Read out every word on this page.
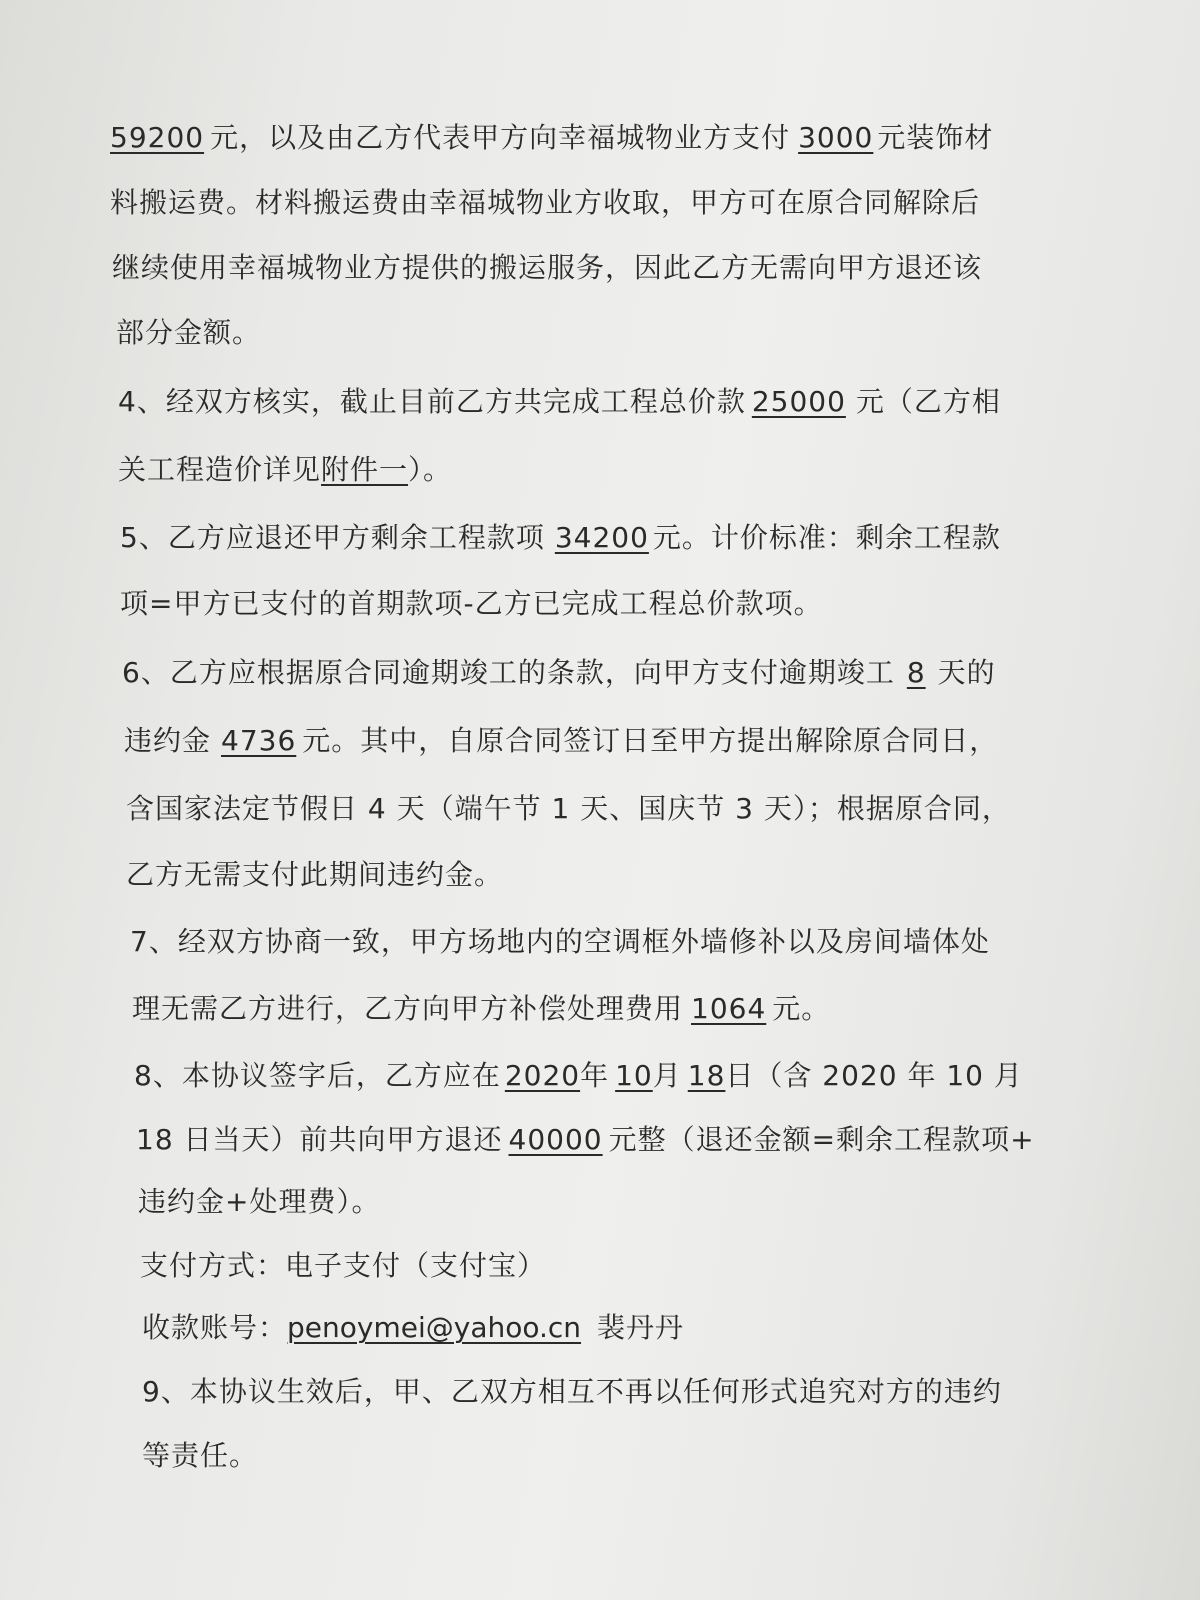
59200 元，以及由乙方代表甲方向幸福城物业方支付 3000 元装饰材
料搬运费。材料搬运费由幸福城物业方收取，甲方可在原合同解除后
继续使用幸福城物业方提供的搬运服务，因此乙方无需向甲方退还该
部分金额。
4、经双方核实，截止目前乙方共完成工程总价款 25000 元（乙方相
关工程造价详见附件一）。
5、乙方应退还甲方剩余工程款项 34200 元。计价标准：剩余工程款
项=甲方已支付的首期款项-乙方已完成工程总价款项。
6、乙方应根据原合同逾期竣工的条款，向甲方支付逾期竣工 8 天的
违约金 4736 元。其中，自原合同签订日至甲方提出解除原合同日，
含国家法定节假日 4 天（端午节 1 天、国庆节 3 天）；根据原合同，
乙方无需支付此期间违约金。
7、经双方协商一致，甲方场地内的空调框外墙修补以及房间墙体处
理无需乙方进行，乙方向甲方补偿处理费用 1064 元。
8、本协议签字后，乙方应在 2020年 10月 18日（含 2020 年 10 月
18 日当天）前共向甲方退还 40000 元整（退还金额=剩余工程款项+
违约金+处理费）。
支付方式：电子支付（支付宝）
收款账号：penoymei@yahoo.cn 裴丹丹
9、本协议生效后，甲、乙双方相互不再以任何形式追究对方的违约
等责任。
